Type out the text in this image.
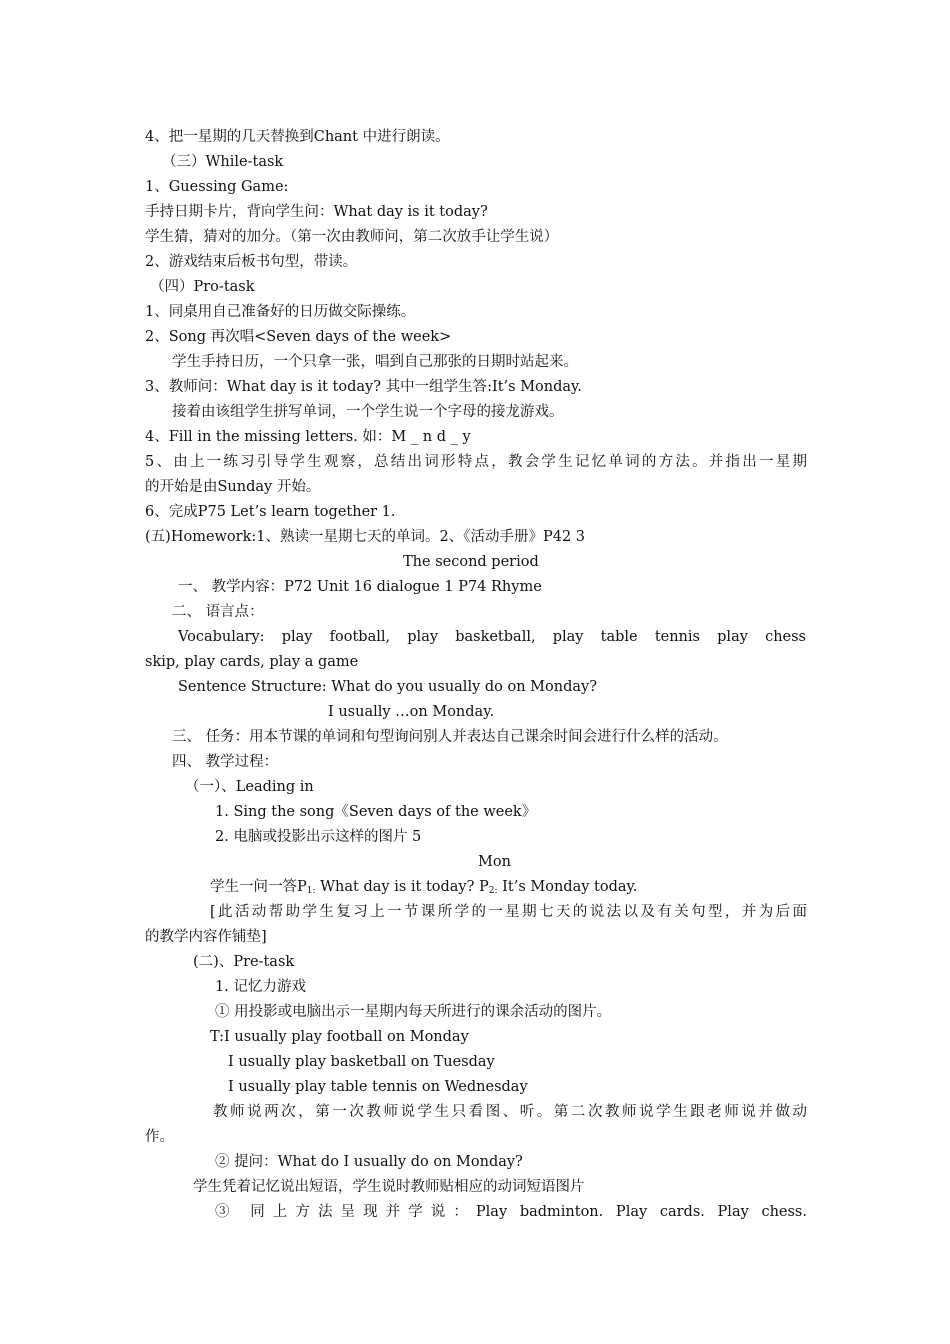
4、把一星期的几天替换到Chant 中进行朗读。
（三）While-task
1、Guessing Game:
手持日期卡片，背向学生问：What day is it today?
学生猜，猜对的加分。（第一次由教师问，第二次放手让学生说）
2、游戏结束后板书句型，带读。
（四）Pro-task
1、同桌用自己准备好的日历做交际操练。
2、Song 再次唱<Seven days of the week>
学生手持日历，一个只拿一张，唱到自己那张的日期时站起来。
3、教师问：What day is it today? 其中一组学生答:It’s Monday.
接着由该组学生拼写单词，一个学生说一个字母的接龙游戏。
4、Fill in the missing letters. 如：M _ n d _ y
5、由上一练习引导学生观察，总结出词形特点，教会学生记忆单词的方法。并指出一星期
的开始是由Sunday 开始。
6、完成P75 Let’s learn together 1.
(五)Homework:1、熟读一星期七天的单词。2、《活动手册》P42 3
The second period
一、 教学内容：P72 Unit 16 dialogue 1 P74 Rhyme
二、 语言点：
Vocabulary: play football, play basketball, play table tennis play chess
skip, play cards, play a game
Sentence Structure: What do you usually do on Monday?
I usually …on Monday.
三、 任务：用本节课的单词和句型询问别人并表达自己课余时间会进行什么样的活动。
四、 教学过程：
（一）、Leading in
1. Sing the song《Seven days of the week》
2. 电脑或投影出示这样的图片 5
Mon
学生一问一答$P_{1:}$ What day is it today? $P_{2:}$ It’s Monday today.
[此活动帮助学生复习上一节课所学的一星期七天的说法以及有关句型，并为后面
的教学内容作铺垫]
(二)、Pre-task
1. 记忆力游戏
① 用投影或电脑出示一星期内每天所进行的课余活动的图片。
T:I usually play football on Monday
I usually play basketball on Tuesday
I usually play table tennis on Wednesday
教师说两次，第一次教师说学生只看图、听。第二次教师说学生跟老师说并做动
作。
② 提问：What do I usually do on Monday?
学生凭着记忆说出短语，学生说时教师贴相应的动词短语图片
③ 同上方法呈现并学说：Play badminton. Play cards. Play chess.
